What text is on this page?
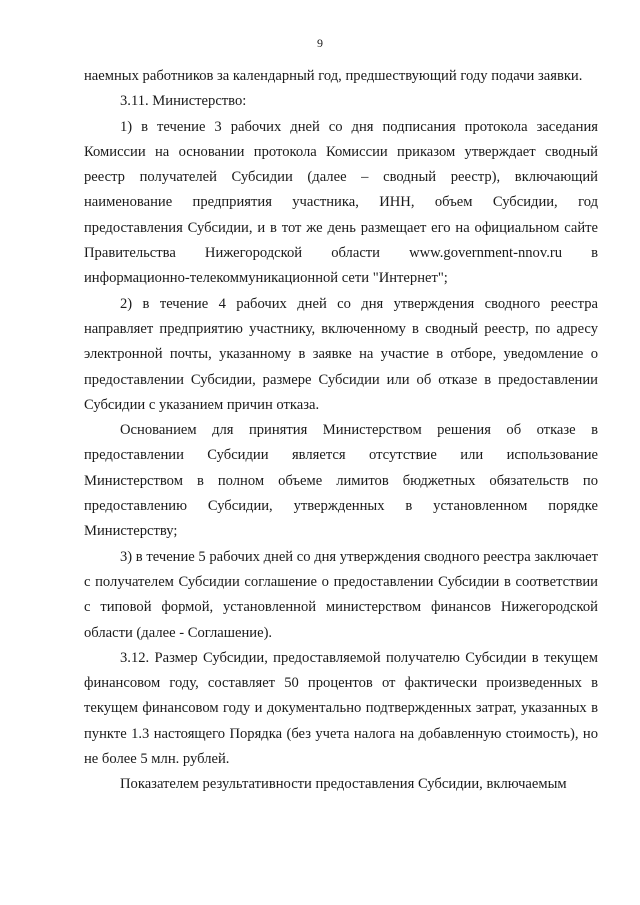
9

наемных работников за календарный год, предшествующий году подачи заявки.

3.11. Министерство:

1) в течение 3 рабочих дней со дня подписания протокола заседания Комиссии на основании протокола Комиссии приказом утверждает сводный реестр получателей Субсидии (далее – сводный реестр), включающий наименование предприятия участника, ИНН, объем Субсидии, год предоставления Субсидии, и в тот же день размещает его на официальном сайте Правительства Нижегородской области www.government-nnov.ru в информационно-телекоммуникационной сети "Интернет";

2) в течение 4 рабочих дней со дня утверждения сводного реестра направляет предприятию участнику, включенному в сводный реестр, по адресу электронной почты, указанному в заявке на участие в отборе, уведомление о предоставлении Субсидии, размере Субсидии или об отказе в предоставлении Субсидии с указанием причин отказа.

Основанием для принятия Министерством решения об отказе в предоставлении Субсидии является отсутствие или использование Министерством в полном объеме лимитов бюджетных обязательств по предоставлению Субсидии, утвержденных в установленном порядке Министерству;

3) в течение 5 рабочих дней со дня утверждения сводного реестра заключает с получателем Субсидии соглашение о предоставлении Субсидии в соответствии с типовой формой, установленной министерством финансов Нижегородской области (далее - Соглашение).

3.12. Размер Субсидии, предоставляемой получателю Субсидии в текущем финансовом году, составляет 50 процентов от фактически произведенных в текущем финансовом году и документально подтвержденных затрат, указанных в пункте 1.3 настоящего Порядка (без учета налога на добавленную стоимость), но не более 5 млн. рублей.

Показателем результативности предоставления Субсидии, включаемым
